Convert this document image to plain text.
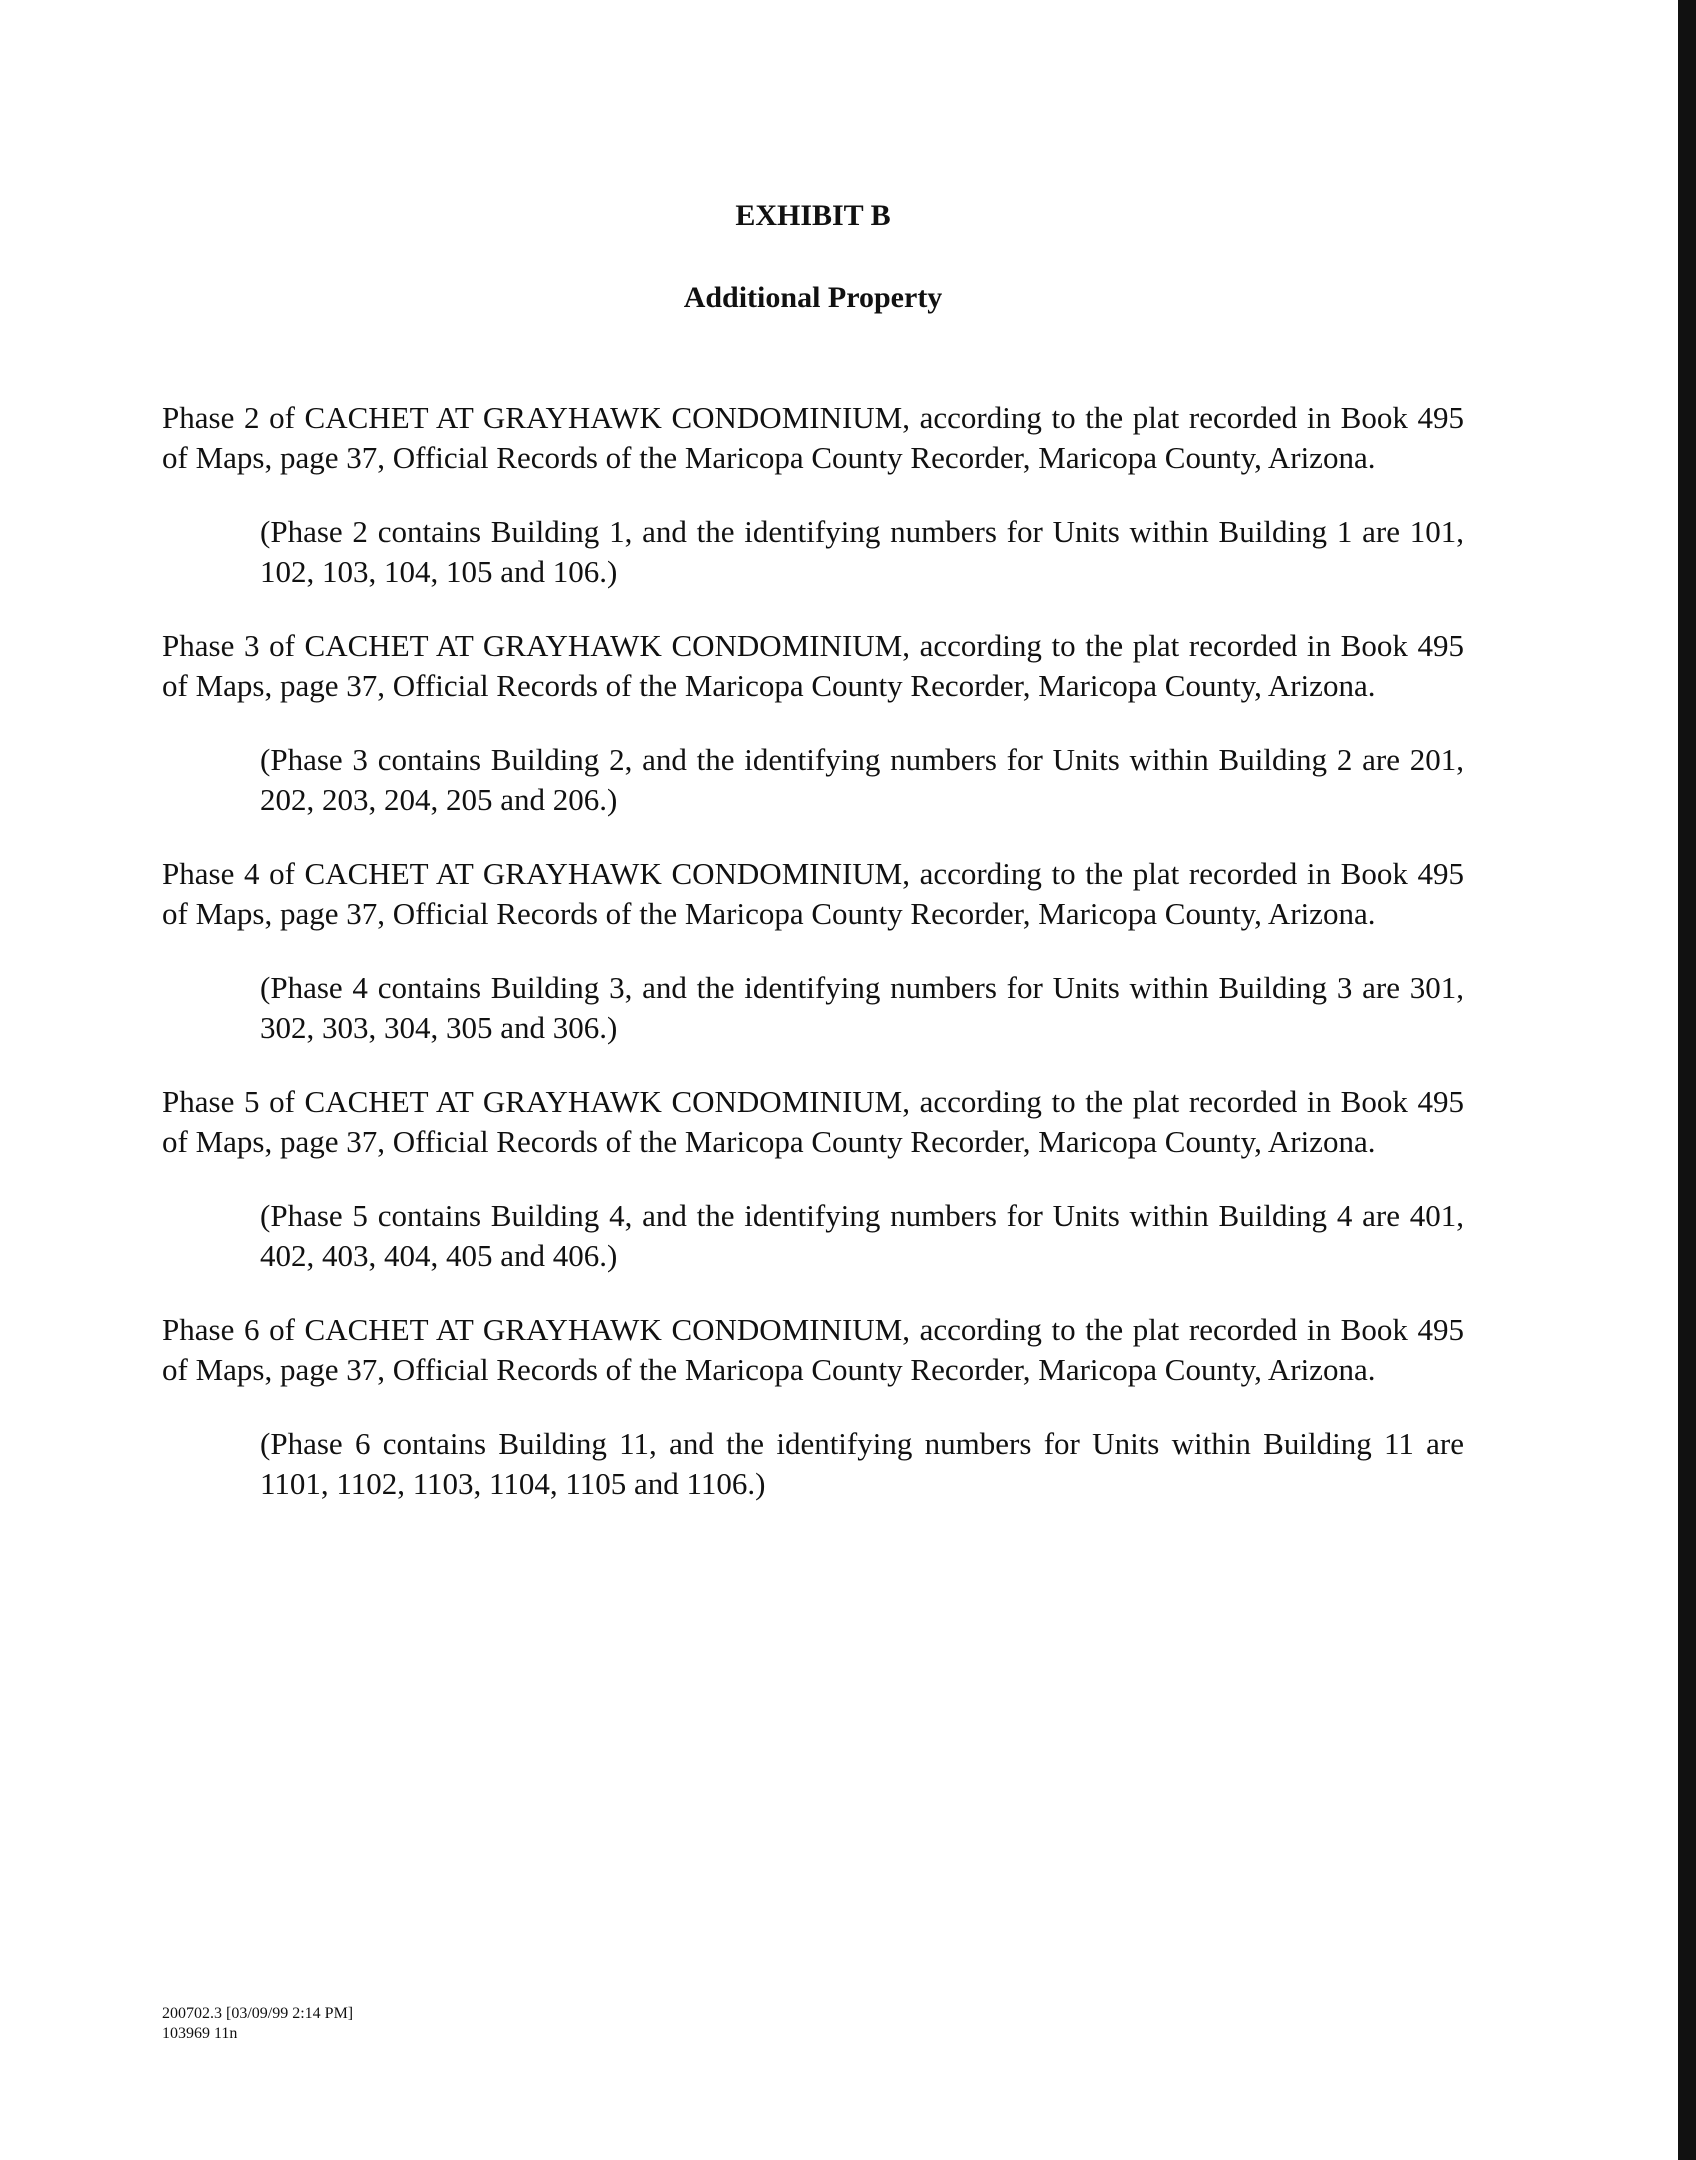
EXHIBIT B
Additional Property

Phase 2 of CACHET AT GRAYHAWK CONDOMINIUM, according to the plat recorded in Book 495 of Maps, page 37, Official Records of the Maricopa County Recorder, Maricopa County, Arizona.

(Phase 2 contains Building 1, and the identifying numbers for Units within Building 1 are 101, 102, 103, 104, 105 and 106.)

Phase 3 of CACHET AT GRAYHAWK CONDOMINIUM, according to the plat recorded in Book 495 of Maps, page 37, Official Records of the Maricopa County Recorder, Maricopa County, Arizona.

(Phase 3 contains Building 2, and the identifying numbers for Units within Building 2 are 201, 202, 203, 204, 205 and 206.)

Phase 4 of CACHET AT GRAYHAWK CONDOMINIUM, according to the plat recorded in Book 495 of Maps, page 37, Official Records of the Maricopa County Recorder, Maricopa County, Arizona.

(Phase 4 contains Building 3, and the identifying numbers for Units within Building 3 are 301, 302, 303, 304, 305 and 306.)

Phase 5 of CACHET AT GRAYHAWK CONDOMINIUM, according to the plat recorded in Book 495 of Maps, page 37, Official Records of the Maricopa County Recorder, Maricopa County, Arizona.

(Phase 5 contains Building 4, and the identifying numbers for Units within Building 4 are 401, 402, 403, 404, 405 and 406.)

Phase 6 of CACHET AT GRAYHAWK CONDOMINIUM, according to the plat recorded in Book 495 of Maps, page 37, Official Records of the Maricopa County Recorder, Maricopa County, Arizona.

(Phase 6 contains Building 11, and the identifying numbers for Units within Building 11 are 1101, 1102, 1103, 1104, 1105 and 1106.)

200702.3 [03/09/99 2:14 PM]
103969 11n
